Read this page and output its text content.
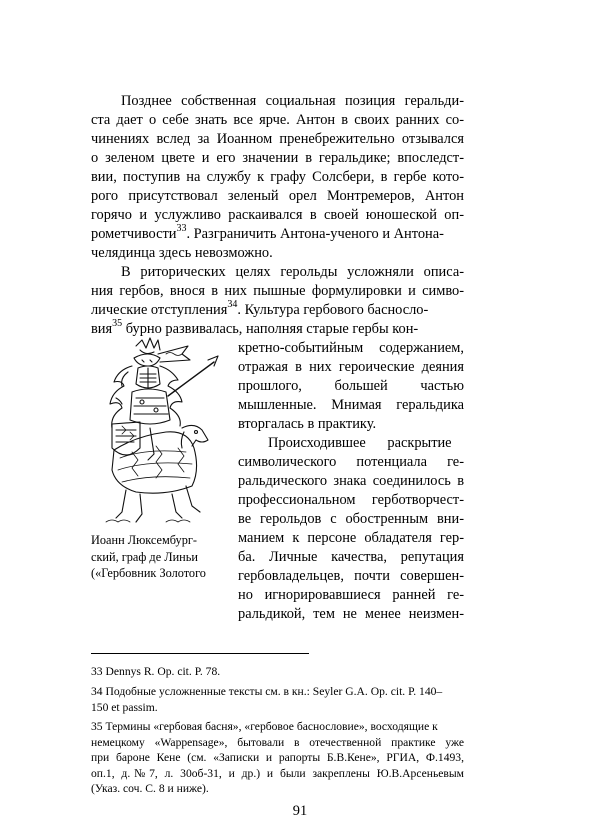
Позднее собственная социальная позиция геральди-
ста дает о себе знать все ярче. Антон в своих ранних со-
чинениях вслед за Иоанном пренебрежительно отзывался
о зеленом цвете и его значении в геральдике; впоследст-
вии, поступив на службу к графу Солсбери, в гербе кото-
рого присутствовал зеленый орел Монтремеров, Антон
горячо и услужливо раскаивался в своей юношеской оп-
рометчивости$^{33}$. Разграничить Антона-ученого и Антона-
челядинца здесь невозможно.
В риторических целях герольды усложняли описа-
ния гербов, внося в них пышные формулировки и симво-
лические отступления$^{34}$. Культура гербового басносло-
вия$^{35}$ бурно развивалась, наполняя старые гербы кон-
кретно-событийным содержанием,
отражая в них героические деяния
прошлого,     большей     частью
мышленные. Мнимая геральдика
вторгалась в практику.
Происходившее      раскрытие
символического потенциала ге-
ральдического знака соединилось в
профессиональном герботворчест-
ве герольдов с обостренным вни-
манием к персоне обладателя гер-
ба. Личные качества, репутация
гербовладельцев, почти совершен-
но игнорировавшиеся ранней ге-
ральдикой, тем не менее неизмен-
Иоанн Люксембург-
ский, граф де Линьи
(«Гербовник Золотого
33 Dennys R. Op. cit. P. 78.
34 Подобные усложненные тексты см. в кн.: Seyler G.A. Op. cit. P. 140–
150 et passim.
35 Термины «гербовая басня», «гербовое баснословие», восходящие к
немецкому «Wappensage», бытовали в отечественной практике уже
при бароне Кене (см. «Записки и рапорты Б.В.Кене», РГИА, Ф.1493,
оп.1, д.№7, л. 30об-31, и др.) и были закреплены Ю.В.Арсеньевым
(Указ. соч. С. 8 и ниже).
91
